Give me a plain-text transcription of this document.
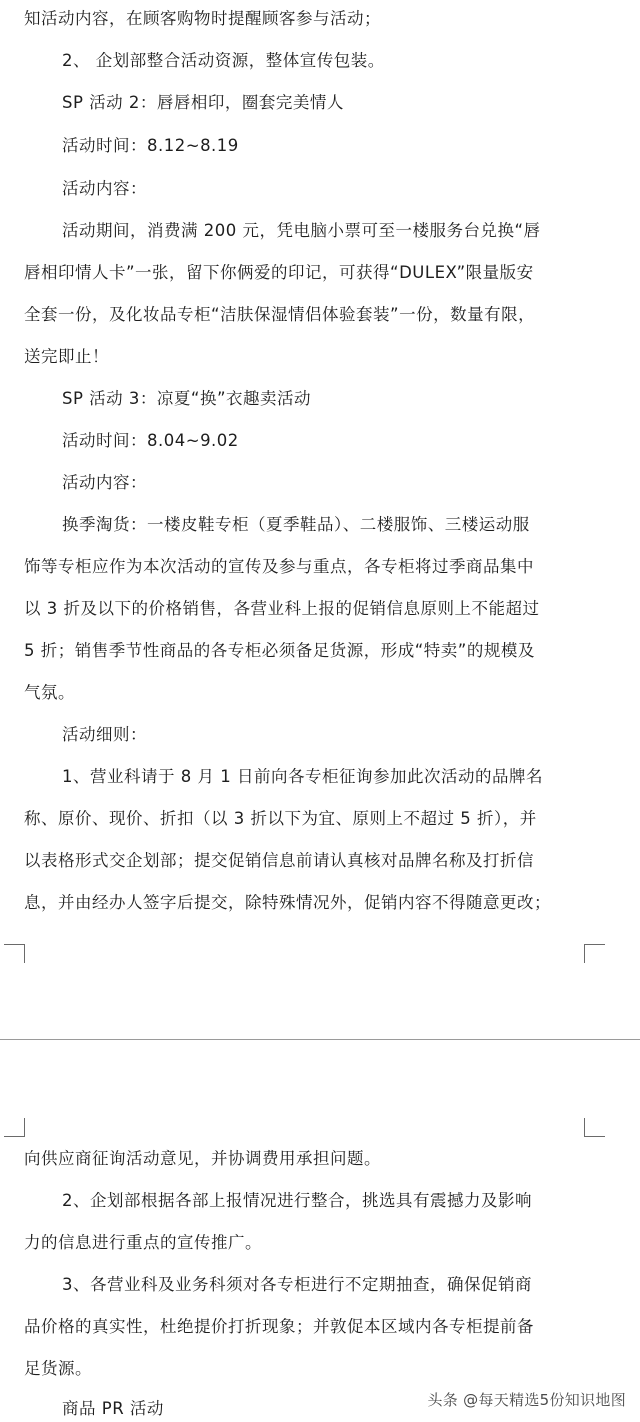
知活动内容，在顾客购物时提醒顾客参与活动；
2、 企划部整合活动资源，整体宣传包装。
SP 活动 2：唇唇相印，圈套完美情人
活动时间：8.12~8.19
活动内容：
活动期间，消费满 200 元，凭电脑小票可至一楼服务台兑换“唇
唇相印情人卡”一张，留下你俩爱的印记，可获得“DULEX”限量版安
全套一份，及化妆品专柜“洁肤保湿情侣体验套装”一份，数量有限，
送完即止！
SP 活动 3：凉夏“换”衣趣卖活动
活动时间：8.04~9.02
活动内容：
换季淘货：一楼皮鞋专柜（夏季鞋品）、二楼服饰、三楼运动服
饰等专柜应作为本次活动的宣传及参与重点，各专柜将过季商品集中
以 3 折及以下的价格销售，各营业科上报的促销信息原则上不能超过
5 折；销售季节性商品的各专柜必须备足货源，形成“特卖”的规模及
气氛。
活动细则：
1、营业科请于 8 月 1 日前向各专柜征询参加此次活动的品牌名
称、原价、现价、折扣（以 3 折以下为宜、原则上不超过 5 折），并
以表格形式交企划部；提交促销信息前请认真核对品牌名称及打折信
息，并由经办人签字后提交，除特殊情况外，促销内容不得随意更改；
向供应商征询活动意见，并协调费用承担问题。
2、企划部根据各部上报情况进行整合，挑选具有震撼力及影响
力的信息进行重点的宣传推广。
3、各营业科及业务科须对各专柜进行不定期抽查，确保促销商
品价格的真实性，杜绝提价打折现象；并敦促本区域内各专柜提前备
足货源。
商品 PR 活动	头条 @每天精选5份知识地图
